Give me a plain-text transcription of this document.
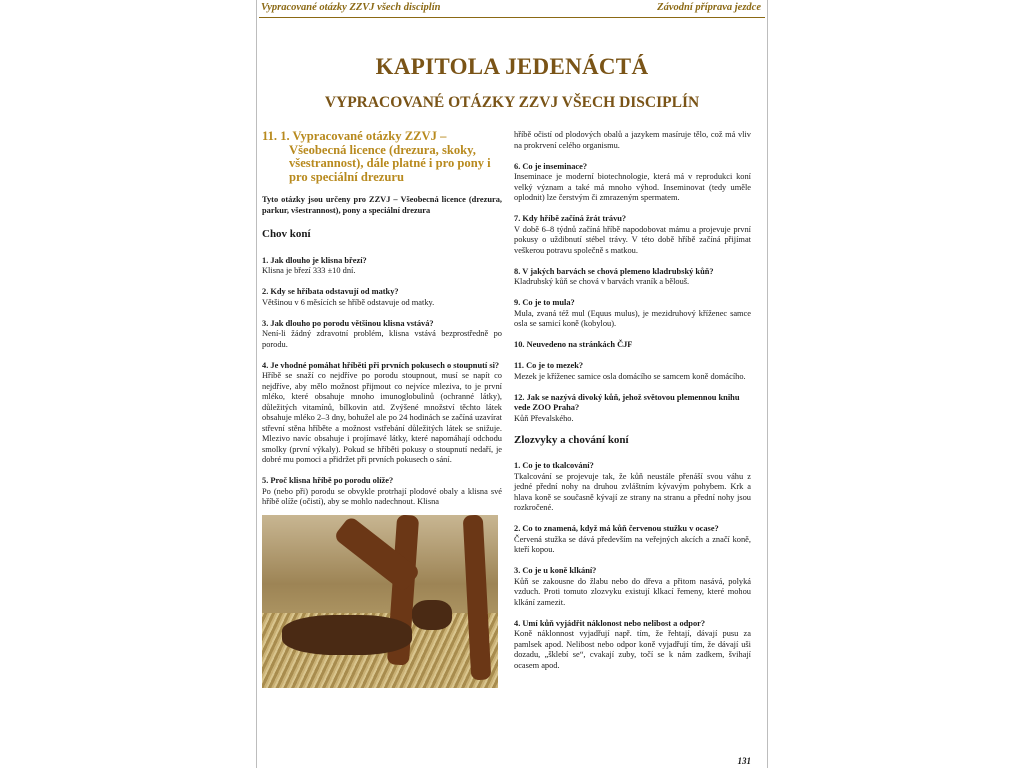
Vypracované otázky ZZVJ všech disciplín	Závodní příprava jezdce
KAPITOLA JEDENÁCTÁ
VYPRACOVANÉ OTÁZKY ZZVJ VŠECH DISCIPLÍN
11. 1. Vypracované otázky ZZVJ – Všeobecná licence (drezura, skoky, všestrannost), dále platné i pro pony i pro speciální drezuru
Tyto otázky jsou určeny pro ZZVJ – Všeobecná licence (drezura, parkur, všestrannost), pony a speciální drezura
Chov koní
1. Jak dlouho je klisna březí?
Klisna je březí 333 ±10 dní.
2. Kdy se hříbata odstavují od matky?
Většinou v 6 měsících se hříbě odstavuje od matky.
3. Jak dlouho po porodu většinou klisna vstává?
Není-li žádný zdravotní problém, klisna vstává bezprostředně po porodu.
4. Je vhodné pomáhat hříběti při prvních pokusech o stoupnutí si?
Hříbě se snaží co nejdříve po porodu stoupnout, musí se napít co nejdříve, aby mělo možnost přijmout co nejvíce mleziva, to je první mléko, které obsahuje mnoho imunoglobulinů (ochranné látky), důležitých vitamínů, bílkovin atd. Zvýšené množství těchto látek obsahuje mléko 2–3 dny, bohužel ale po 24 hodinách se začíná uzavírat střevní stěna hříběte a možnost vstřebání důležitých látek se snižuje. Mlezivo navíc obsahuje i projímavé látky, které napomáhají odchodu smolky (první výkaly). Pokud se hříběti pokusy o stoupnutí nedaří, je dobré mu pomoci a přidržet při prvních pokusech o sání.
5. Proč klisna hříbě po porodu olíže?
Po (nebo při) porodu se obvykle protrhají plodové obaly a klisna své hříbě olíže (očistí), aby se mohlo nadechnout. Klisna
hříbě očistí od plodových obalů a jazykem masíruje tělo, což má vliv na prokrvení celého organismu.
6. Co je inseminace?
Inseminace je moderní biotechnologie, která má v reprodukci koní velký význam a také má mnoho výhod. Inseminovat (tedy uměle oplodnit) lze čerstvým či zmrazeným spermatem.
7. Kdy hříbě začíná žrát trávu?
V době 6–8 týdnů začíná hříbě napodobovat mámu a projevuje první pokusy o uždibnutí stébel trávy. V této době hříbě začíná přijímat veškerou potravu společně s matkou.
8. V jakých barvách se chová plemeno kladrubský kůň?
Kladrubský kůň se chová v barvách vraník a bělouš.
9. Co je to mula?
Mula, zvaná též mul (Equus mulus), je mezidruhový kříženec samce osla se samicí koně (kobylou).
10. Neuvedeno na stránkách ČJF
11. Co je to mezek?
Mezek je kříženec samice osla domácího se samcem koně domácího.
12. Jak se nazývá divoký kůň, jehož světovou plemennou knihu vede ZOO Praha?
Kůň Převalského.
Zlozvyky a chování koní
1. Co je to tkalcování?
Tkalcování se projevuje tak, že kůň neustále přenáší svou váhu z jedné přední nohy na druhou zvláštním kývavým pohybem. Krk a hlava koně se současně kývají ze strany na stranu a přední nohy jsou rozkročené.
2. Co to znamená, když má kůň červenou stužku v ocase?
Červená stužka se dává především na veřejných akcích a značí koně, kteří kopou.
3. Co je u koně klkání?
Kůň se zakousne do žlabu nebo do dřeva a přitom nasává, polyká vzduch. Proti tomuto zlozvyku existují klkací řemeny, které mohou klkání zamezit.
4. Umí kůň vyjádřit náklonost nebo nelibost a odpor?
Koně náklonnost vyjadřují např. tím, že řehtají, dávají pusu za pamlsek apod. Nelibost nebo odpor koně vyjadřují tím, že dávají uši dozadu, „šklebí se“, cvakají zuby, točí se k nám zadkem, švihají ocasem apod.
131
